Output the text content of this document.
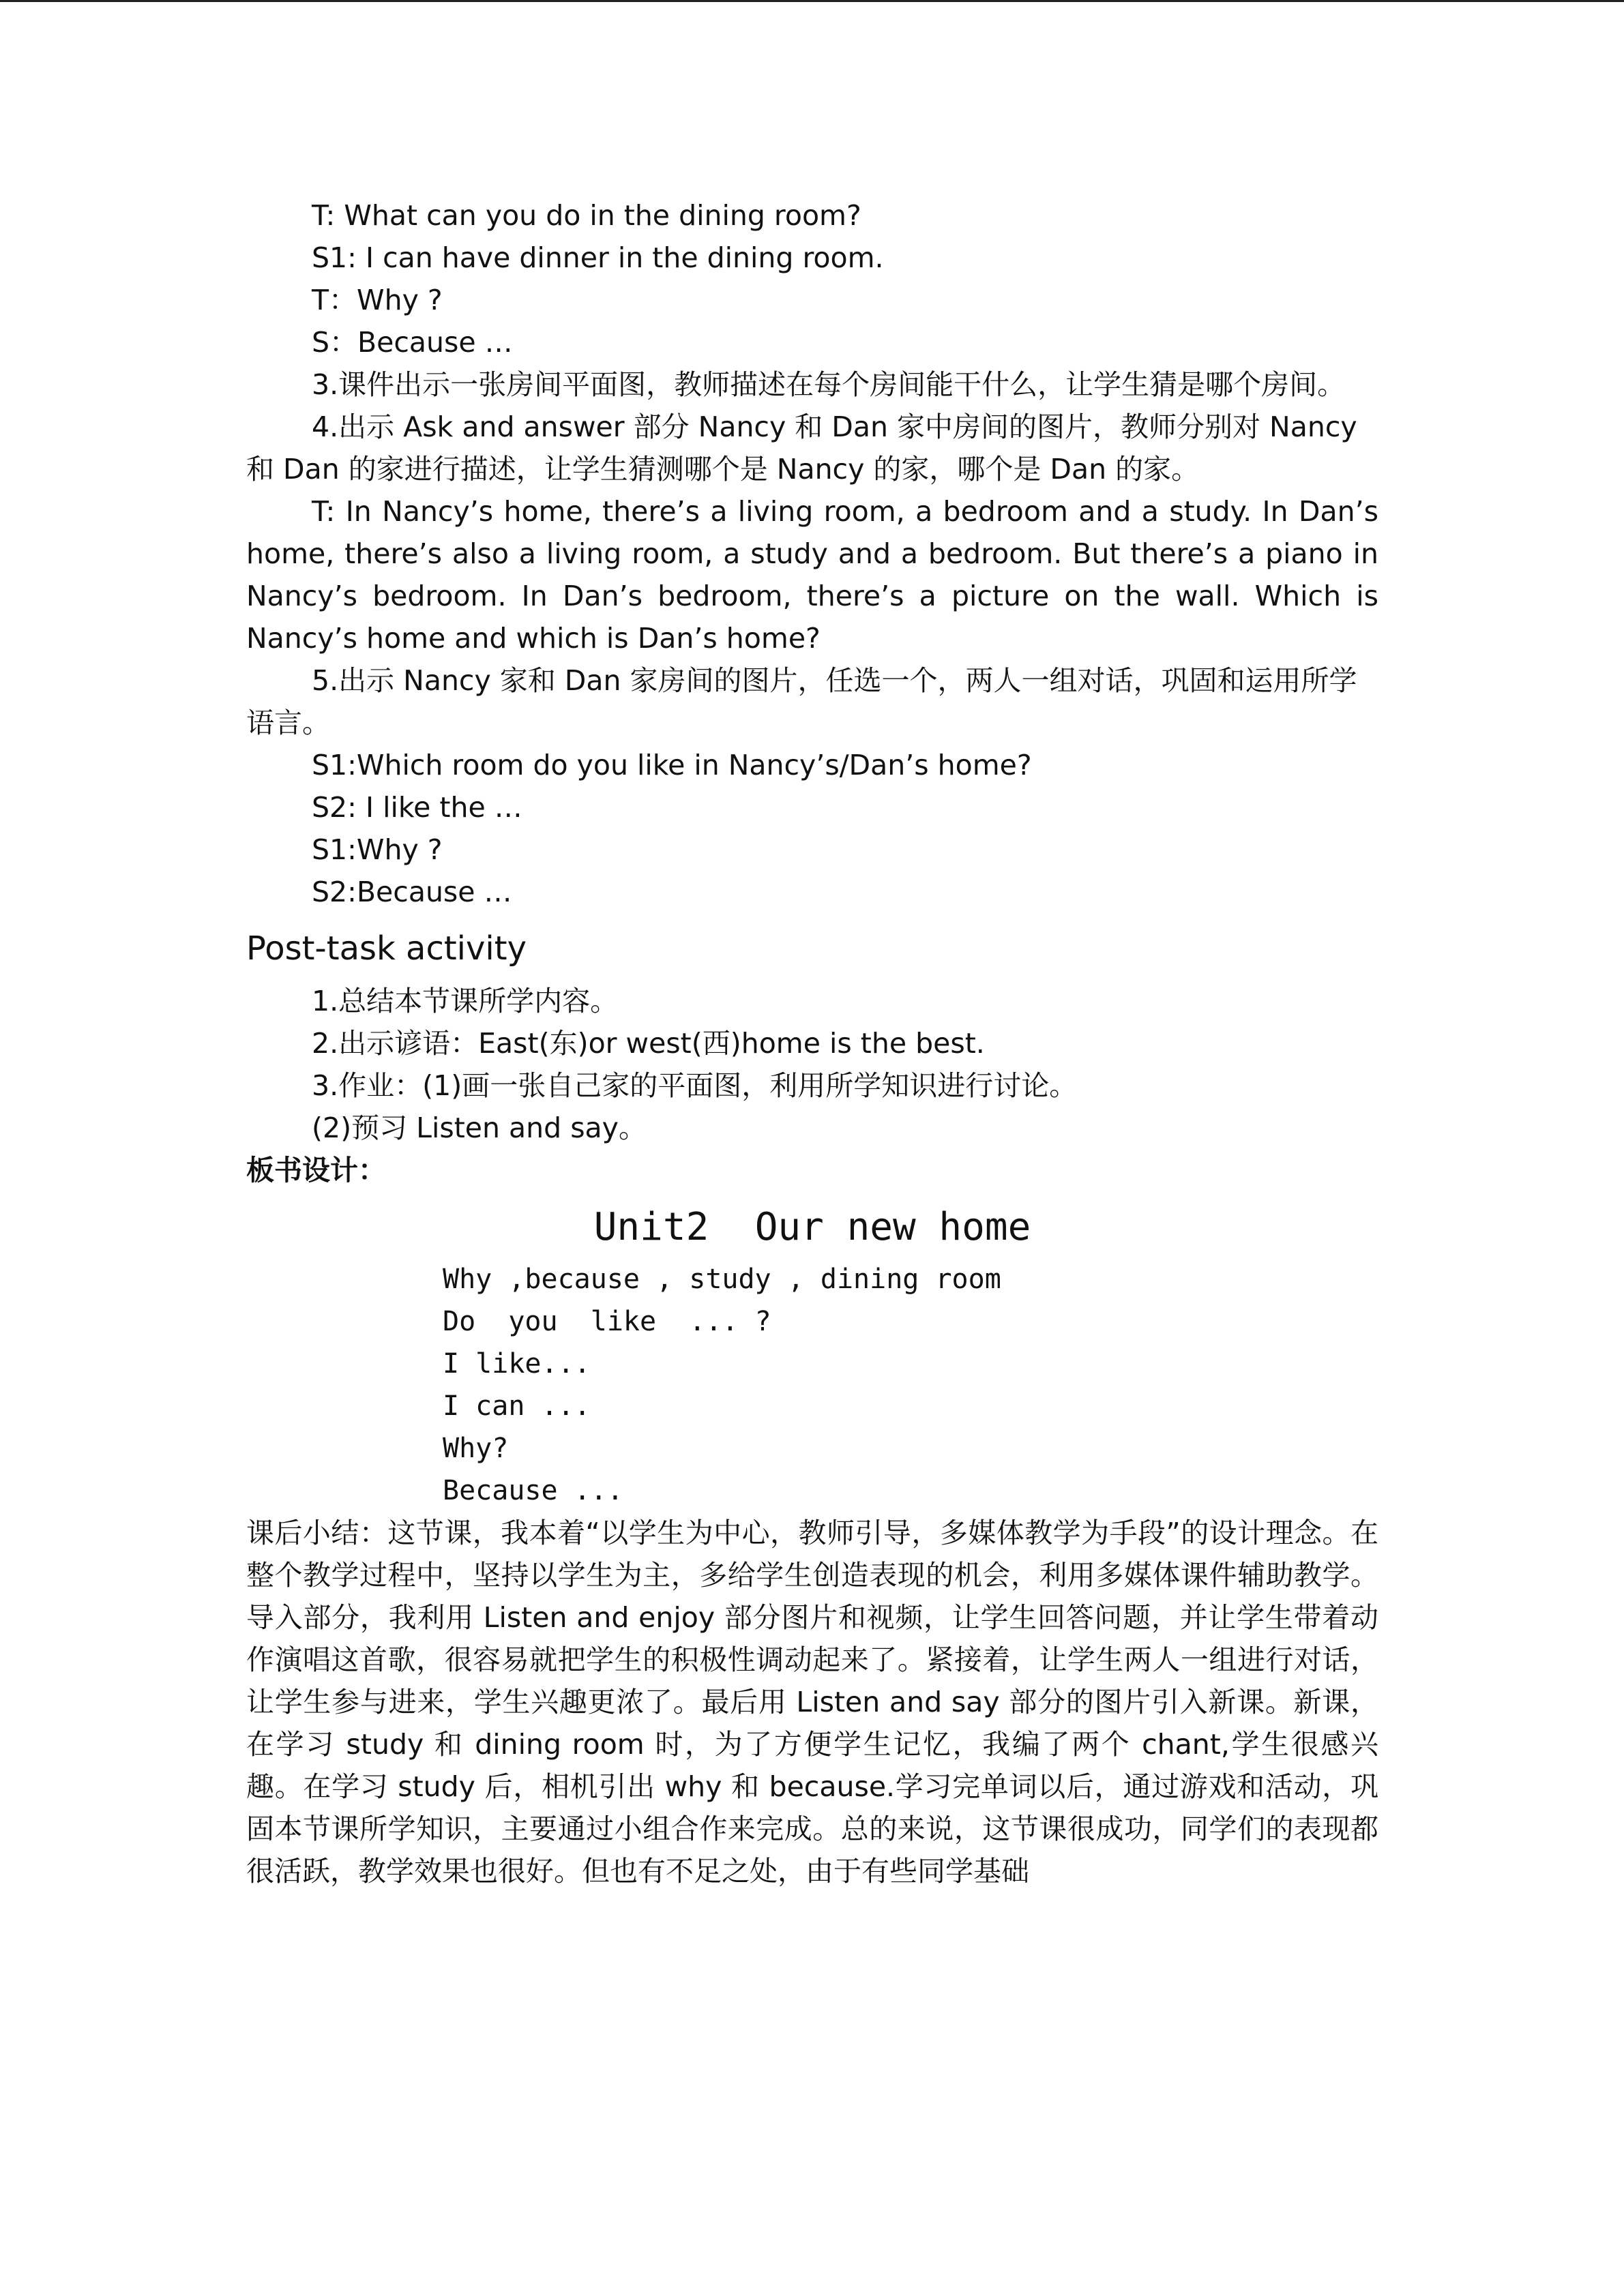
T: What can you do in the dining room?

S1: I can have dinner in the dining room.

T：Why ?

S：Because …

3.课件出示一张房间平面图，教师描述在每个房间能干什么，让学生猜是哪个房间。

4.出示 Ask and answer 部分 Nancy 和 Dan 家中房间的图片，教师分别对 Nancy 和 Dan 的家进行描述，让学生猜测哪个是 Nancy 的家，哪个是 Dan 的家。

T: In Nancy’s home, there’s a living room, a bedroom and a study. In Dan’s home, there’s also a living room, a study and a bedroom. But there’s a piano in Nancy’s bedroom. In Dan’s bedroom, there’s a picture on the wall. Which is Nancy’s home and which is Dan’s home?

5.出示 Nancy 家和 Dan 家房间的图片，任选一个，两人一组对话，巩固和运用所学语言。

S1:Which room do you like in Nancy’s/Dan’s home?

S2: I like the …

S1:Why ?

S2:Because …

Post-task activity

1.总结本节课所学内容。

2.出示谚语：East(东)or west(西)home is the best.

3.作业：(1)画一张自己家的平面图，利用所学知识进行讨论。

(2)预习 Listen and say。

板书设计：

Unit2  Our new home

Why ,because , study , dining room

Do  you  like  ... ?

I like...

I can ...

Why?

Because ...

课后小结：这节课，我本着“以学生为中心，教师引导，多媒体教学为手段”的设计理念。在整个教学过程中，坚持以学生为主，多给学生创造表现的机会，利用多媒体课件辅助教学。导入部分，我利用 Listen and enjoy 部分图片和视频，让学生回答问题，并让学生带着动作演唱这首歌，很容易就把学生的积极性调动起来了。紧接着，让学生两人一组进行对话，让学生参与进来，学生兴趣更浓了。最后用 Listen and say 部分的图片引入新课。新课，在学习 study 和 dining room 时，为了方便学生记忆，我编了两个 chant,学生很感兴趣。在学习 study 后，相机引出 why 和 because.学习完单词以后，通过游戏和活动，巩固本节课所学知识，主要通过小组合作来完成。总的来说，这节课很成功，同学们的表现都很活跃，教学效果也很好。但也有不足之处，由于有些同学基础
